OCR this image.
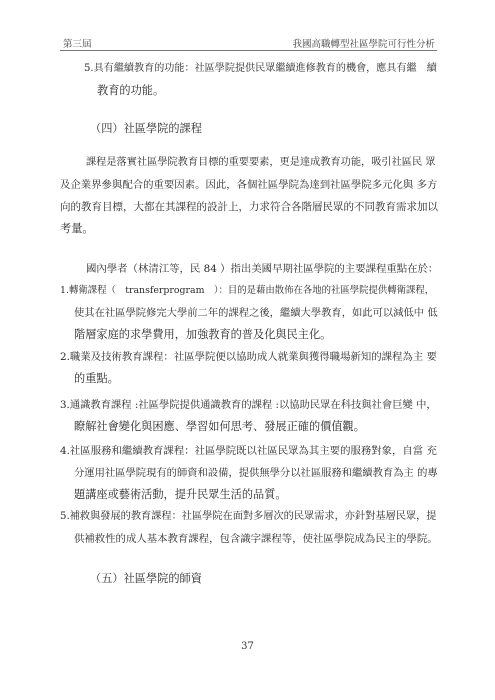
第三屆	我國高職轉型社區學院可行性分析
5.具有繼續教育的功能：社區學院提供民眾繼續進修教育的機會，應具有繼　續
教育的功能。
（四）社區學院的課程
課程是落實社區學院教育目標的重要要素，更是達成教育功能，吸引社區民 眾
及企業界參與配合的重要因素。因此，各個社區學院為達到社區學院多元化與 多方
向的教育目標，大都在其課程的設計上，力求符合各階層民眾的不同教育需求加以
考量。
國內學者（林清江等，民 84 ）指出美國早期社區學院的主要課程重點在於：
1.轉衛課程（　transferprogram　）：目的是藉由散佈在各地的社區學院提供轉衛課程，
使其在社區學院修完大學前二年的課程之後，繼續大學教育，如此可以減低中 低
階層家庭的求學費用，加強教育的普及化與民主化。
2.職業及技術教育課程：社區學院便以協助成人就業與獲得職場新知的課程為主 要
的重點。
3.通識教育課程 :社區學院提供通識教育的課程 :以協助民眾在科技與社會巨變 中，
瞭解社會變化與困應、學習如何思考、發展正確的價值觀。
4.社區服務和繼續教育課程：社區學院既以社區民眾為其主要的服務對象，自當 充
分運用社區學院現有的師資和設備，提供無學分以社區服務和繼續教育為主 的專
題講座或藝術活動，提升民眾生活的品質。
5.補救與發展的教育課程：社區學院在面對多層次的民眾需求，亦針對基層民眾，提
供補救性的成人基本教育課程，包含識字課程等，使社區學院成為民主的學院。
（五）社區學院的師資
37
